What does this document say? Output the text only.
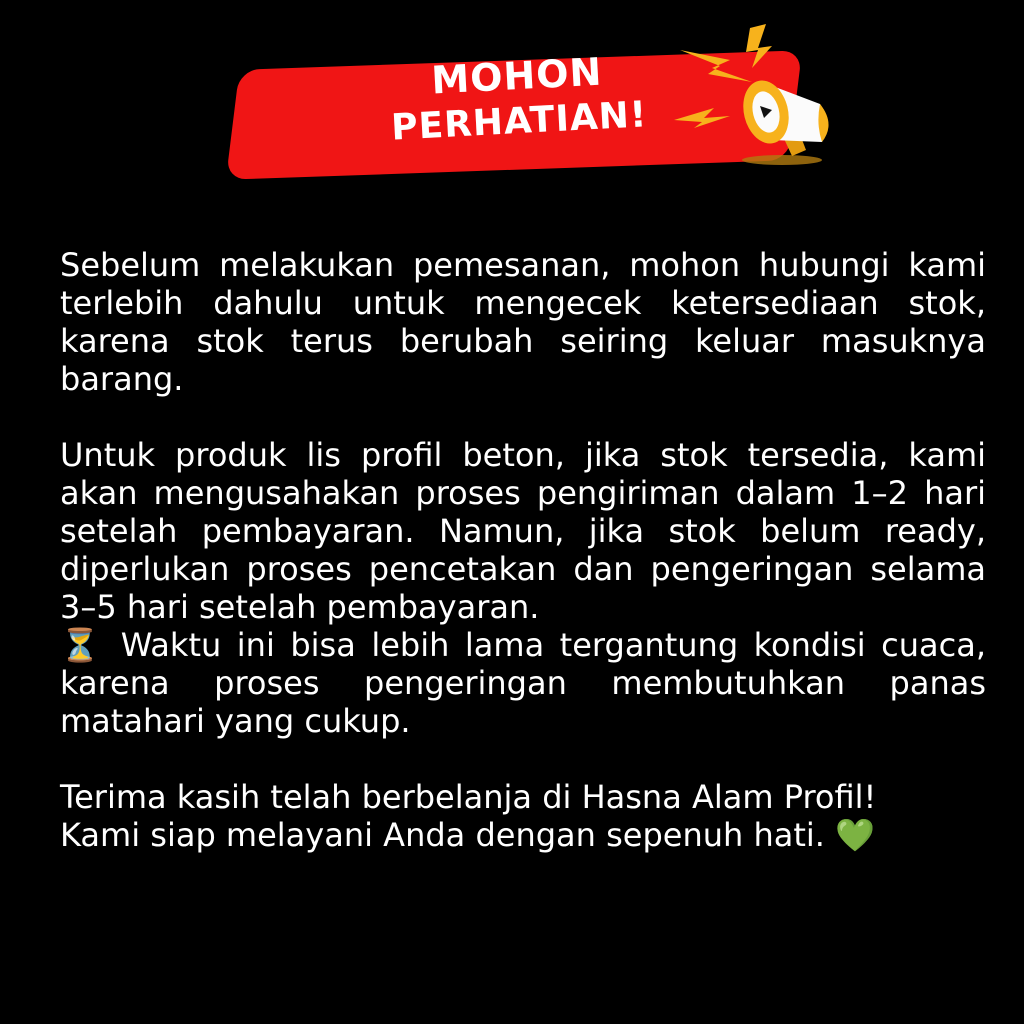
MOHON
PERHATIAN!

Sebelum melakukan pemesanan, mohon hubungi kami terlebih dahulu untuk mengecek ketersediaan stok, karena stok terus berubah seiring keluar masuknya barang.

Untuk produk lis profil beton, jika stok tersedia, kami akan mengusahakan proses pengiriman dalam 1–2 hari setelah pembayaran. Namun, jika stok belum ready, diperlukan proses pencetakan dan pengeringan selama 3–5 hari setelah pembayaran.

⏳ Waktu ini bisa lebih lama tergantung kondisi cuaca, karena proses pengeringan membutuhkan panas matahari yang cukup.

Terima kasih telah berbelanja di Hasna Alam Profil!
Kami siap melayani Anda dengan sepenuh hati. 💚
